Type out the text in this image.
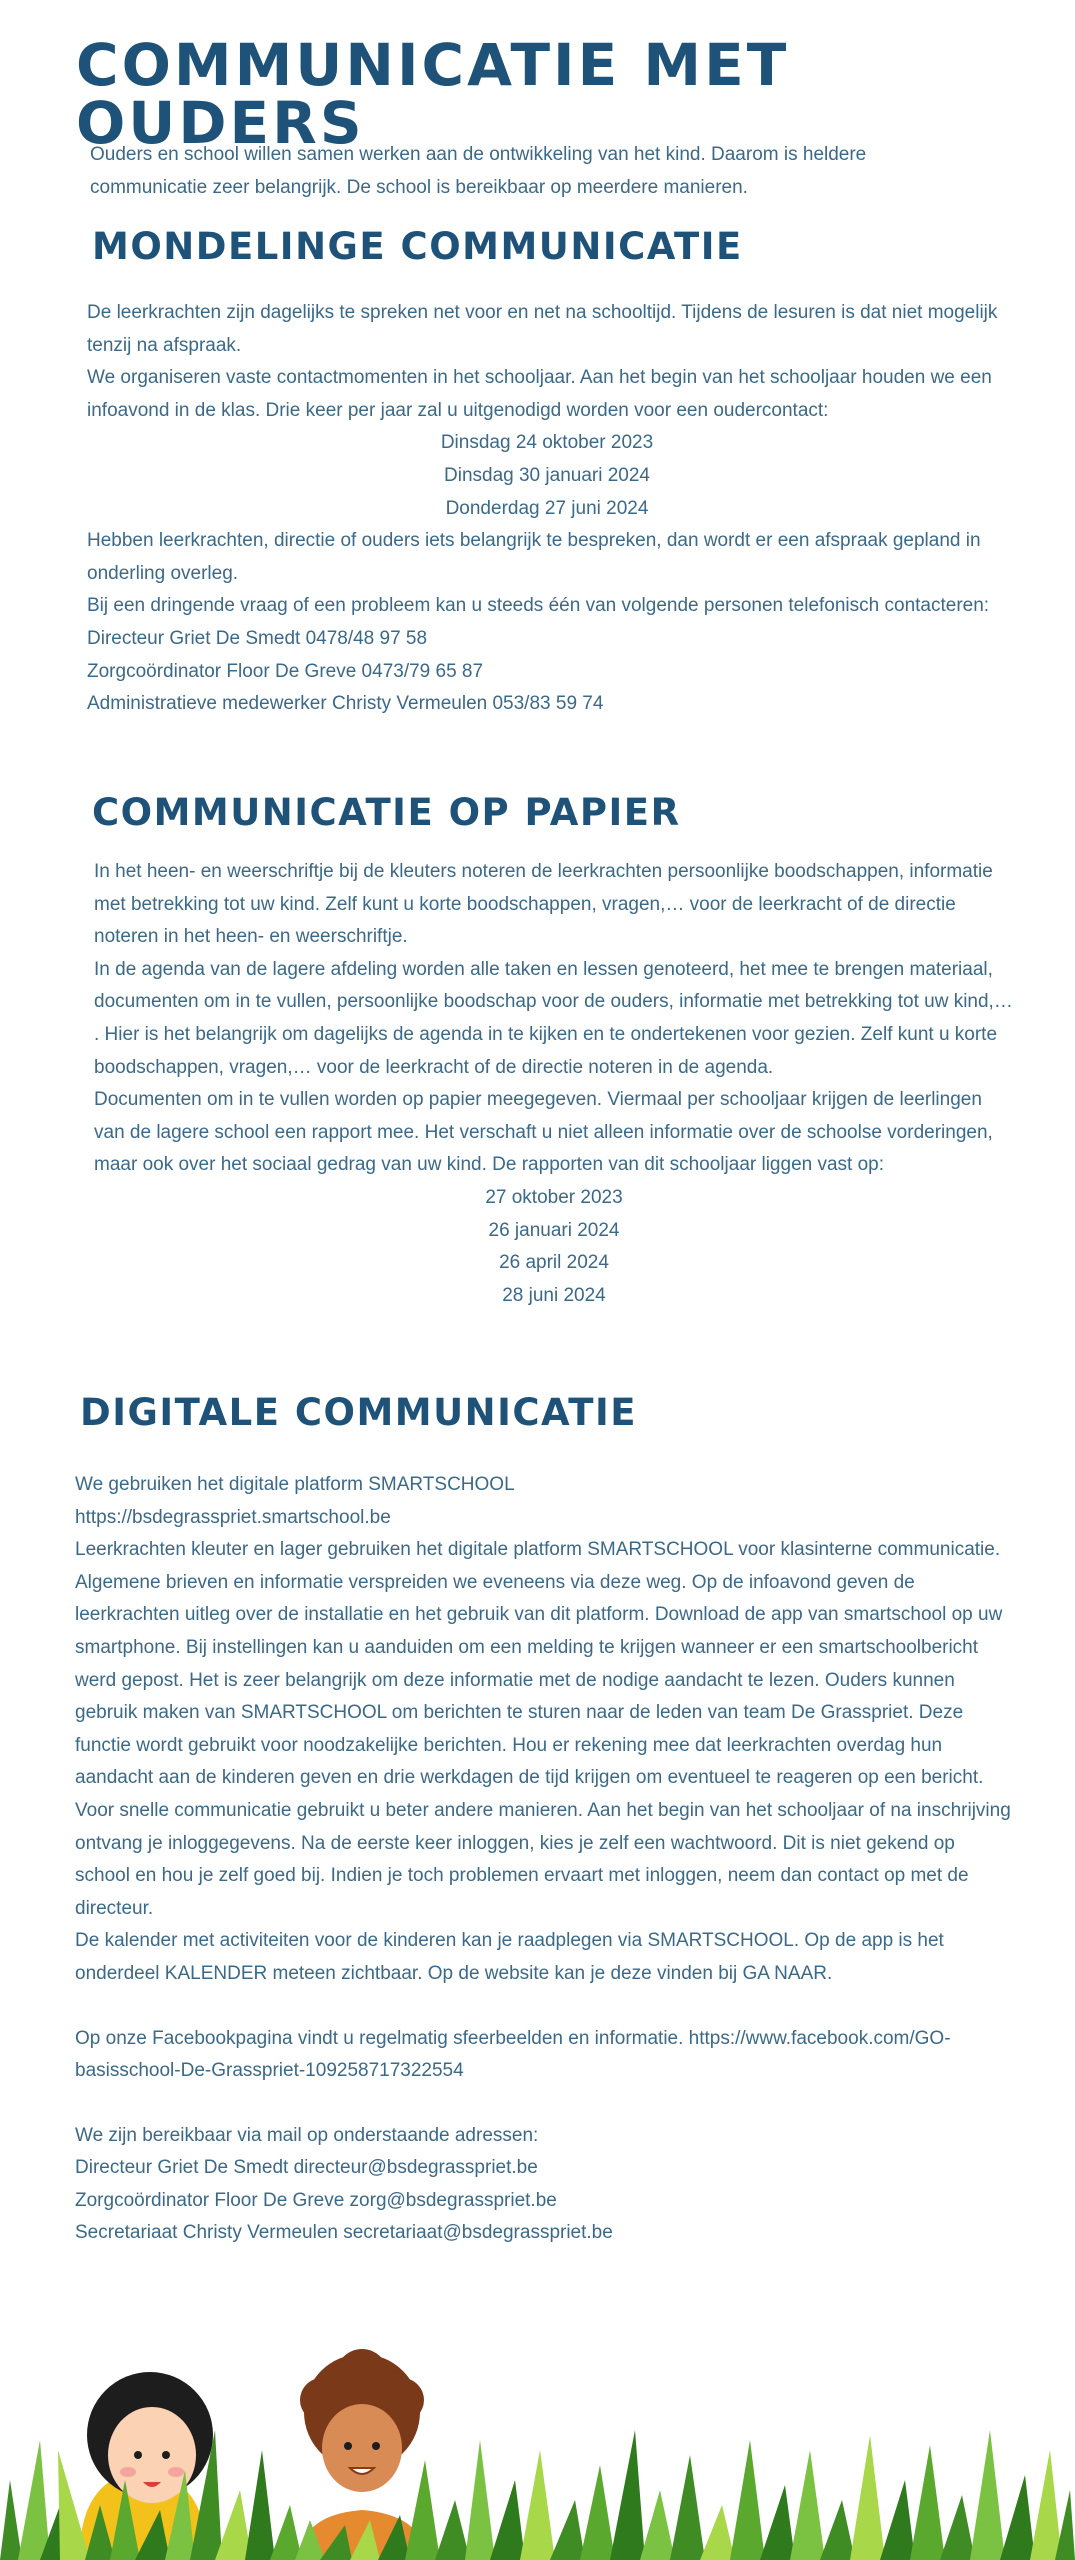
COMMUNICATIE MET OUDERS

Ouders en school willen samen werken aan de ontwikkeling van het kind. Daarom is heldere communicatie zeer belangrijk. De school is bereikbaar op meerdere manieren.

MONDELINGE COMMUNICATIE

De leerkrachten zijn dagelijks te spreken net voor en net na schooltijd. Tijdens de lesuren is dat niet mogelijk tenzij na afspraak.

We organiseren vaste contactmomenten in het schooljaar. Aan het begin van het schooljaar houden we een infoavond in de klas. Drie keer per jaar zal u uitgenodigd worden voor een oudercontact:

Dinsdag 24 oktober 2023

Dinsdag 30 januari 2024

Donderdag 27 juni 2024

Hebben leerkrachten, directie of ouders iets belangrijk te bespreken, dan wordt er een afspraak gepland in onderling overleg.

Bij een dringende vraag of een probleem kan u steeds één van volgende personen telefonisch contacteren:

Directeur Griet De Smedt 0478/48 97 58

Zorgcoördinator Floor De Greve 0473/79 65 87

Administratieve medewerker Christy Vermeulen 053/83 59 74

COMMUNICATIE OP PAPIER

In het heen- en weerschriftje bij de kleuters noteren de leerkrachten persoonlijke boodschappen, informatie met betrekking tot uw kind. Zelf kunt u korte boodschappen, vragen,… voor de leerkracht of de directie noteren in het heen- en weerschriftje.

In de agenda van de lagere afdeling worden alle taken en lessen genoteerd, het mee te brengen materiaal, documenten om in te vullen, persoonlijke boodschap voor de ouders, informatie met betrekking tot uw kind,… . Hier is het belangrijk om dagelijks de agenda in te kijken en te ondertekenen voor gezien. Zelf kunt u korte boodschappen, vragen,… voor de leerkracht of de directie noteren in de agenda.

Documenten om in te vullen worden op papier meegegeven. Viermaal per schooljaar krijgen de leerlingen van de lagere school een rapport mee. Het verschaft u niet alleen informatie over de schoolse vorderingen, maar ook over het sociaal gedrag van uw kind. De rapporten van dit schooljaar liggen vast op:

27 oktober 2023

26 januari 2024

26 april 2024

28 juni 2024

DIGITALE COMMUNICATIE

We gebruiken het digitale platform SMARTSCHOOL

https://bsdegrasspriet.smartschool.be

Leerkrachten kleuter en lager gebruiken het digitale platform SMARTSCHOOL voor klasinterne communicatie. Algemene brieven en informatie verspreiden we eveneens via deze weg. Op de infoavond geven de leerkrachten uitleg over de installatie en het gebruik van dit platform. Download de app van smartschool op uw smartphone. Bij instellingen kan u aanduiden om een melding te krijgen wanneer er een smartschoolbericht werd gepost. Het is zeer belangrijk om deze informatie met de nodige aandacht te lezen. Ouders kunnen gebruik maken van SMARTSCHOOL om berichten te sturen naar de leden van team De Grasspriet. Deze functie wordt gebruikt voor noodzakelijke berichten. Hou er rekening mee dat leerkrachten overdag hun aandacht aan de kinderen geven en drie werkdagen de tijd krijgen om eventueel te reageren op een bericht. Voor snelle communicatie gebruikt u beter andere manieren. Aan het begin van het schooljaar of na inschrijving ontvang je inloggegevens. Na de eerste keer inloggen, kies je zelf een wachtwoord. Dit is niet gekend op school en hou je zelf goed bij. Indien je toch problemen ervaart met inloggen, neem dan contact op met de directeur.

De kalender met activiteiten voor de kinderen kan je raadplegen via SMARTSCHOOL. Op de app is het onderdeel KALENDER meteen zichtbaar. Op de website kan je deze vinden bij GA NAAR.

Op onze Facebookpagina vindt u regelmatig sfeerbeelden en informatie. https://www.facebook.com/GO-basisschool-De-Grasspriet-109258717322554

We zijn bereikbaar via mail op onderstaande adressen:

Directeur Griet De Smedt directeur@bsdegrasspriet.be

Zorgcoördinator Floor De Greve zorg@bsdegrasspriet.be

Secretariaat Christy Vermeulen secretariaat@bsdegrasspriet.be
